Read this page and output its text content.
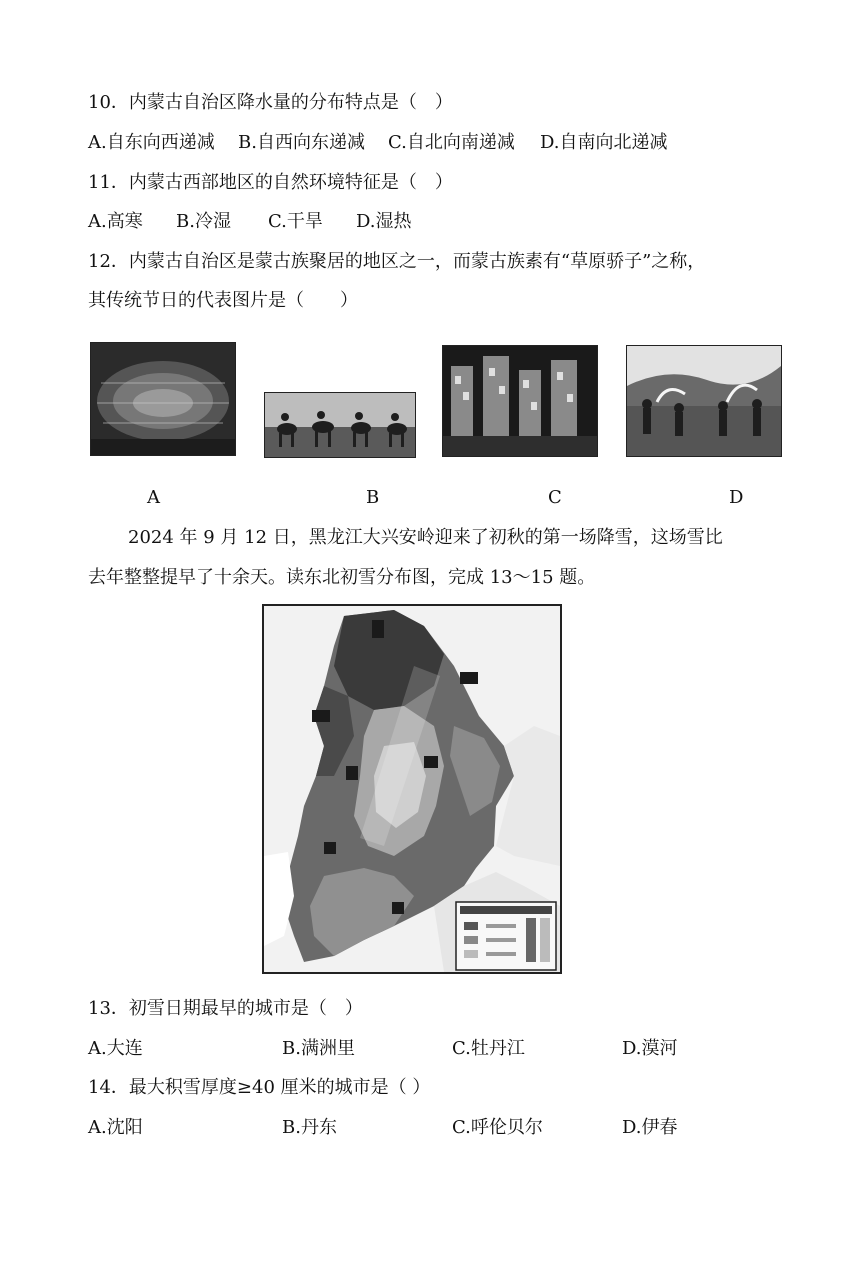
10．内蒙古自治区降水量的分布特点是（　）
A.自东向西递减 B.自西向东递减 C.自北向南递减 D.自南向北递减
11．内蒙古西部地区的自然环境特征是（　）
A.高寒 B.冷湿 C.干旱 D.湿热
12．内蒙古自治区是蒙古族聚居的地区之一，而蒙古族素有“草原骄子”之称，
其传统节日的代表图片是（　　）
A	B	C	D
2024 年 9 月 12 日，黑龙江大兴安岭迎来了初秋的第一场降雪，这场雪比
去年整整提早了十余天。读东北初雪分布图，完成 13～15 题。
13．初雪日期最早的城市是（　）
A.大连	B.满洲里	C.牡丹江	D.漠河
14．最大积雪厚度≥40 厘米的城市是（ ）
A.沈阳	B.丹东	C.呼伦贝尔	D.伊春
